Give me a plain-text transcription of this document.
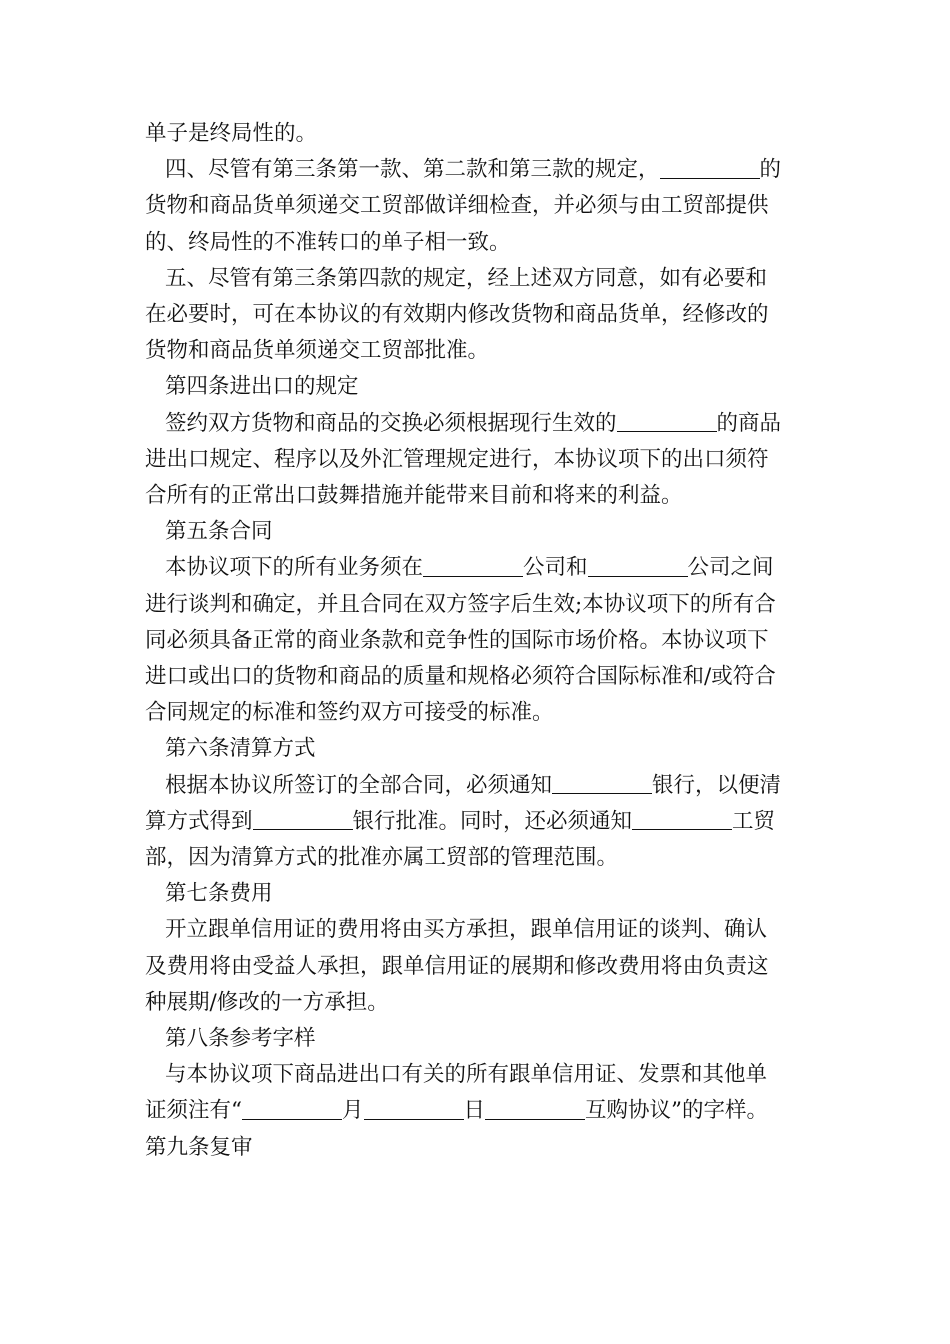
单子是终局性的。

四、尽管有第三条第一款、第二款和第三款的规定，	的

货物和商品货单须递交工贸部做详细检查，并必须与由工贸部提供

的、终局性的不准转口的单子相一致。

五、尽管有第三条第四款的规定，经上述双方同意，如有必要和

在必要时，可在本协议的有效期内修改货物和商品货单，经修改的

货物和商品货单须递交工贸部批准。

第四条进出口的规定

签约双方货物和商品的交换必须根据现行生效的	的商品

进出口规定、程序以及外汇管理规定进行，本协议项下的出口须符

合所有的正常出口鼓舞措施并能带来目前和将来的利益。

第五条合同

本协议项下的所有业务须在	公司和	公司之间

进行谈判和确定，并且合同在双方签字后生效;本协议项下的所有合

同必须具备正常的商业条款和竞争性的国际市场价格。本协议项下

进口或出口的货物和商品的质量和规格必须符合国际标准和/或符合

合同规定的标准和签约双方可接受的标准。

第六条清算方式

根据本协议所签订的全部合同，必须通知	银行，以便清

算方式得到	银行批准。同时，还必须通知	工贸

部，因为清算方式的批准亦属工贸部的管理范围。

第七条费用

开立跟单信用证的费用将由买方承担，跟单信用证的谈判、确认

及费用将由受益人承担，跟单信用证的展期和修改费用将由负责这

种展期/修改的一方承担。

第八条参考字样

与本协议项下商品进出口有关的所有跟单信用证、发票和其他单

证须注有“	月	日	互购协议”的字样。

第九条复审
